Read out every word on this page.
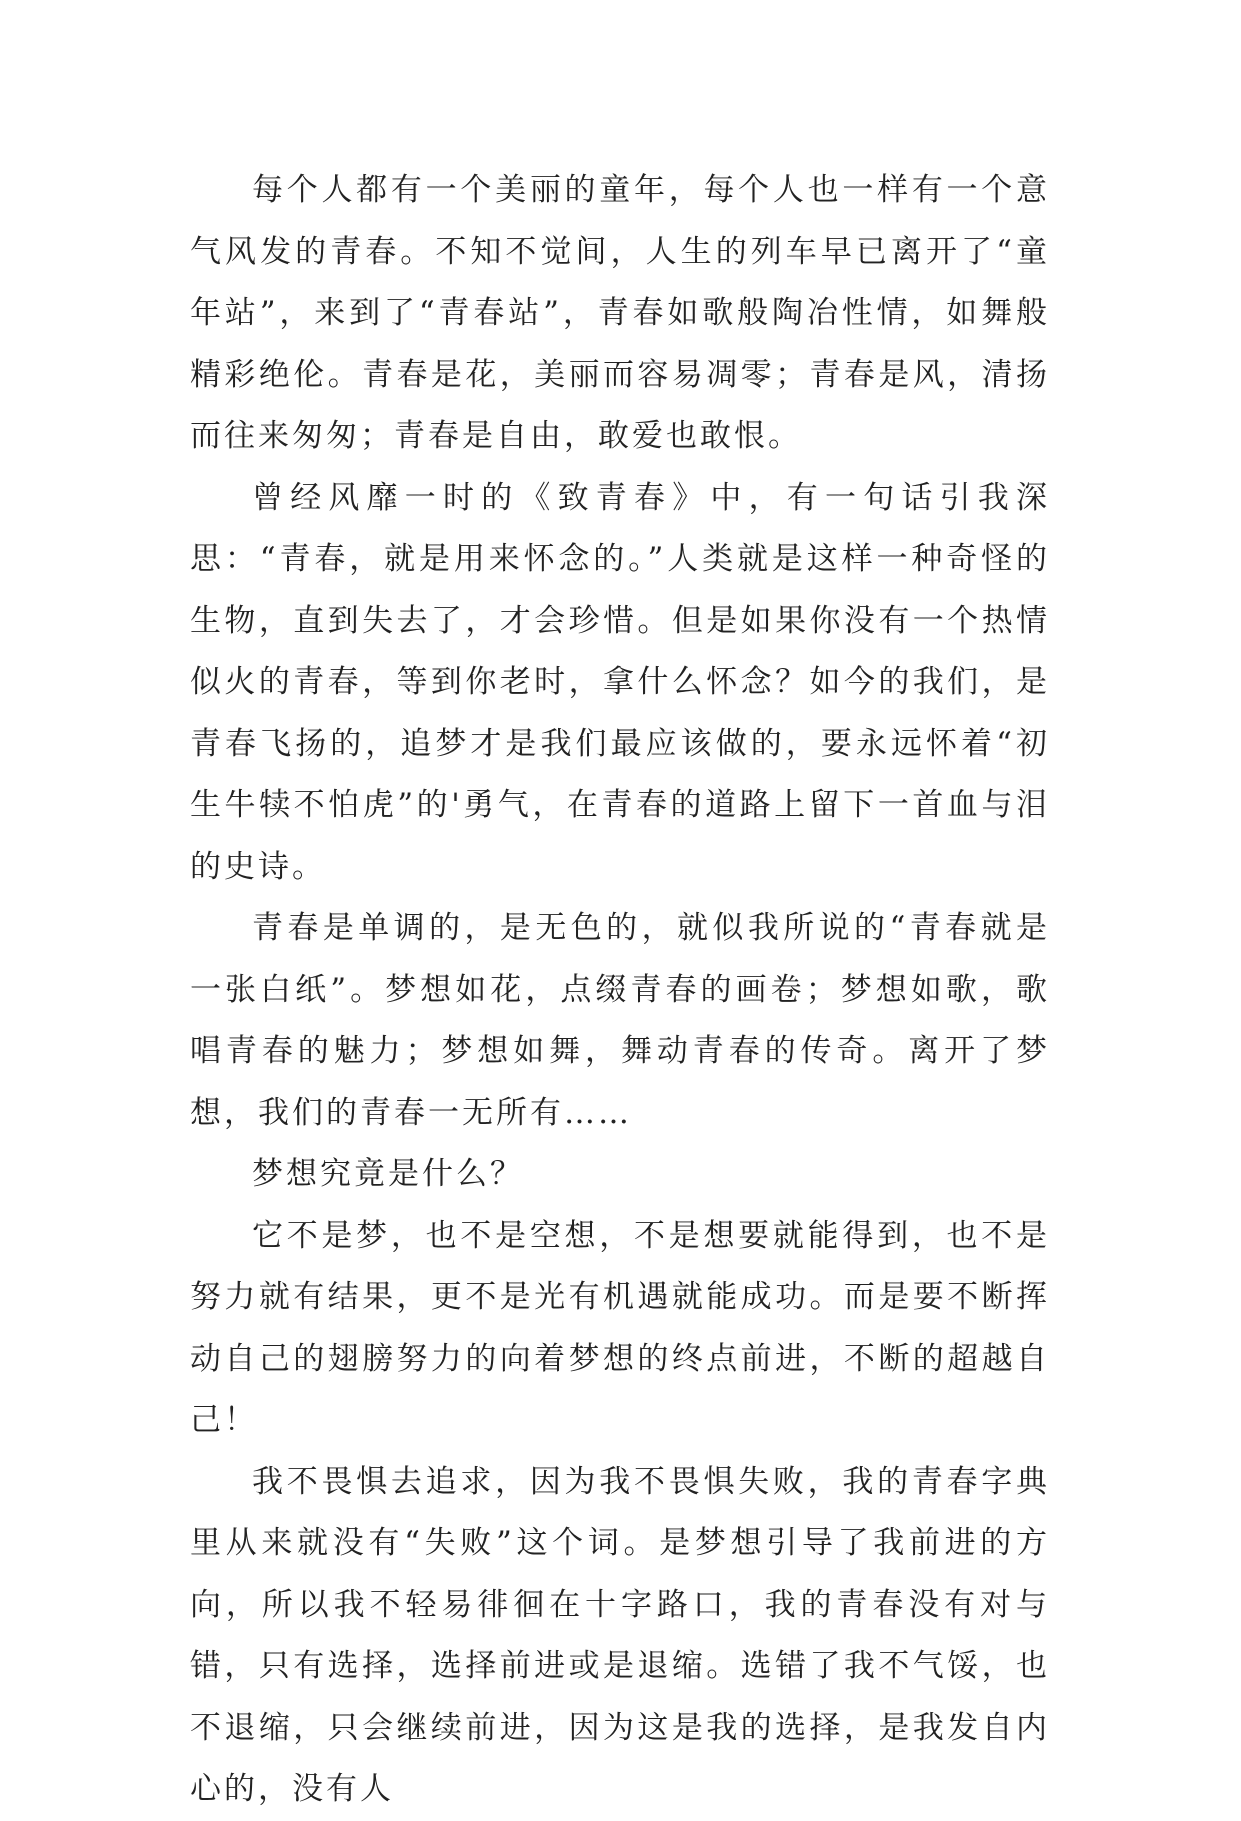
每个人都有一个美丽的童年，每个人也一样有一个意气风发的青春。不知不觉间，人生的列车早已离开了“童年站”，来到了“青春站”，青春如歌般陶冶性情，如舞般精彩绝伦。青春是花，美丽而容易凋零；青春是风，清扬而往来匆匆；青春是自由，敢爱也敢恨。

曾经风靡一时的《致青春》中，有一句话引我深思：“青春，就是用来怀念的。”人类就是这样一种奇怪的生物，直到失去了，才会珍惜。但是如果你没有一个热情似火的青春，等到你老时，拿什么怀念？如今的我们，是青春飞扬的，追梦才是我们最应该做的，要永远怀着“初生牛犊不怕虎”的'勇气，在青春的道路上留下一首血与泪的史诗。

青春是单调的，是无色的，就似我所说的“青春就是一张白纸”。梦想如花，点缀青春的画卷；梦想如歌，歌唱青春的魅力；梦想如舞，舞动青春的传奇。离开了梦想，我们的青春一无所有……

梦想究竟是什么？

它不是梦，也不是空想，不是想要就能得到，也不是努力就有结果，更不是光有机遇就能成功。而是要不断挥动自己的翅膀努力的向着梦想的终点前进，不断的超越自己！

我不畏惧去追求，因为我不畏惧失败，我的青春字典里从来就没有“失败”这个词。是梦想引导了我前进的方向，所以我不轻易徘徊在十字路口，我的青春没有对与错，只有选择，选择前进或是退缩。选错了我不气馁，也不退缩，只会继续前进，因为这是我的选择，是我发自内心的，没有人
